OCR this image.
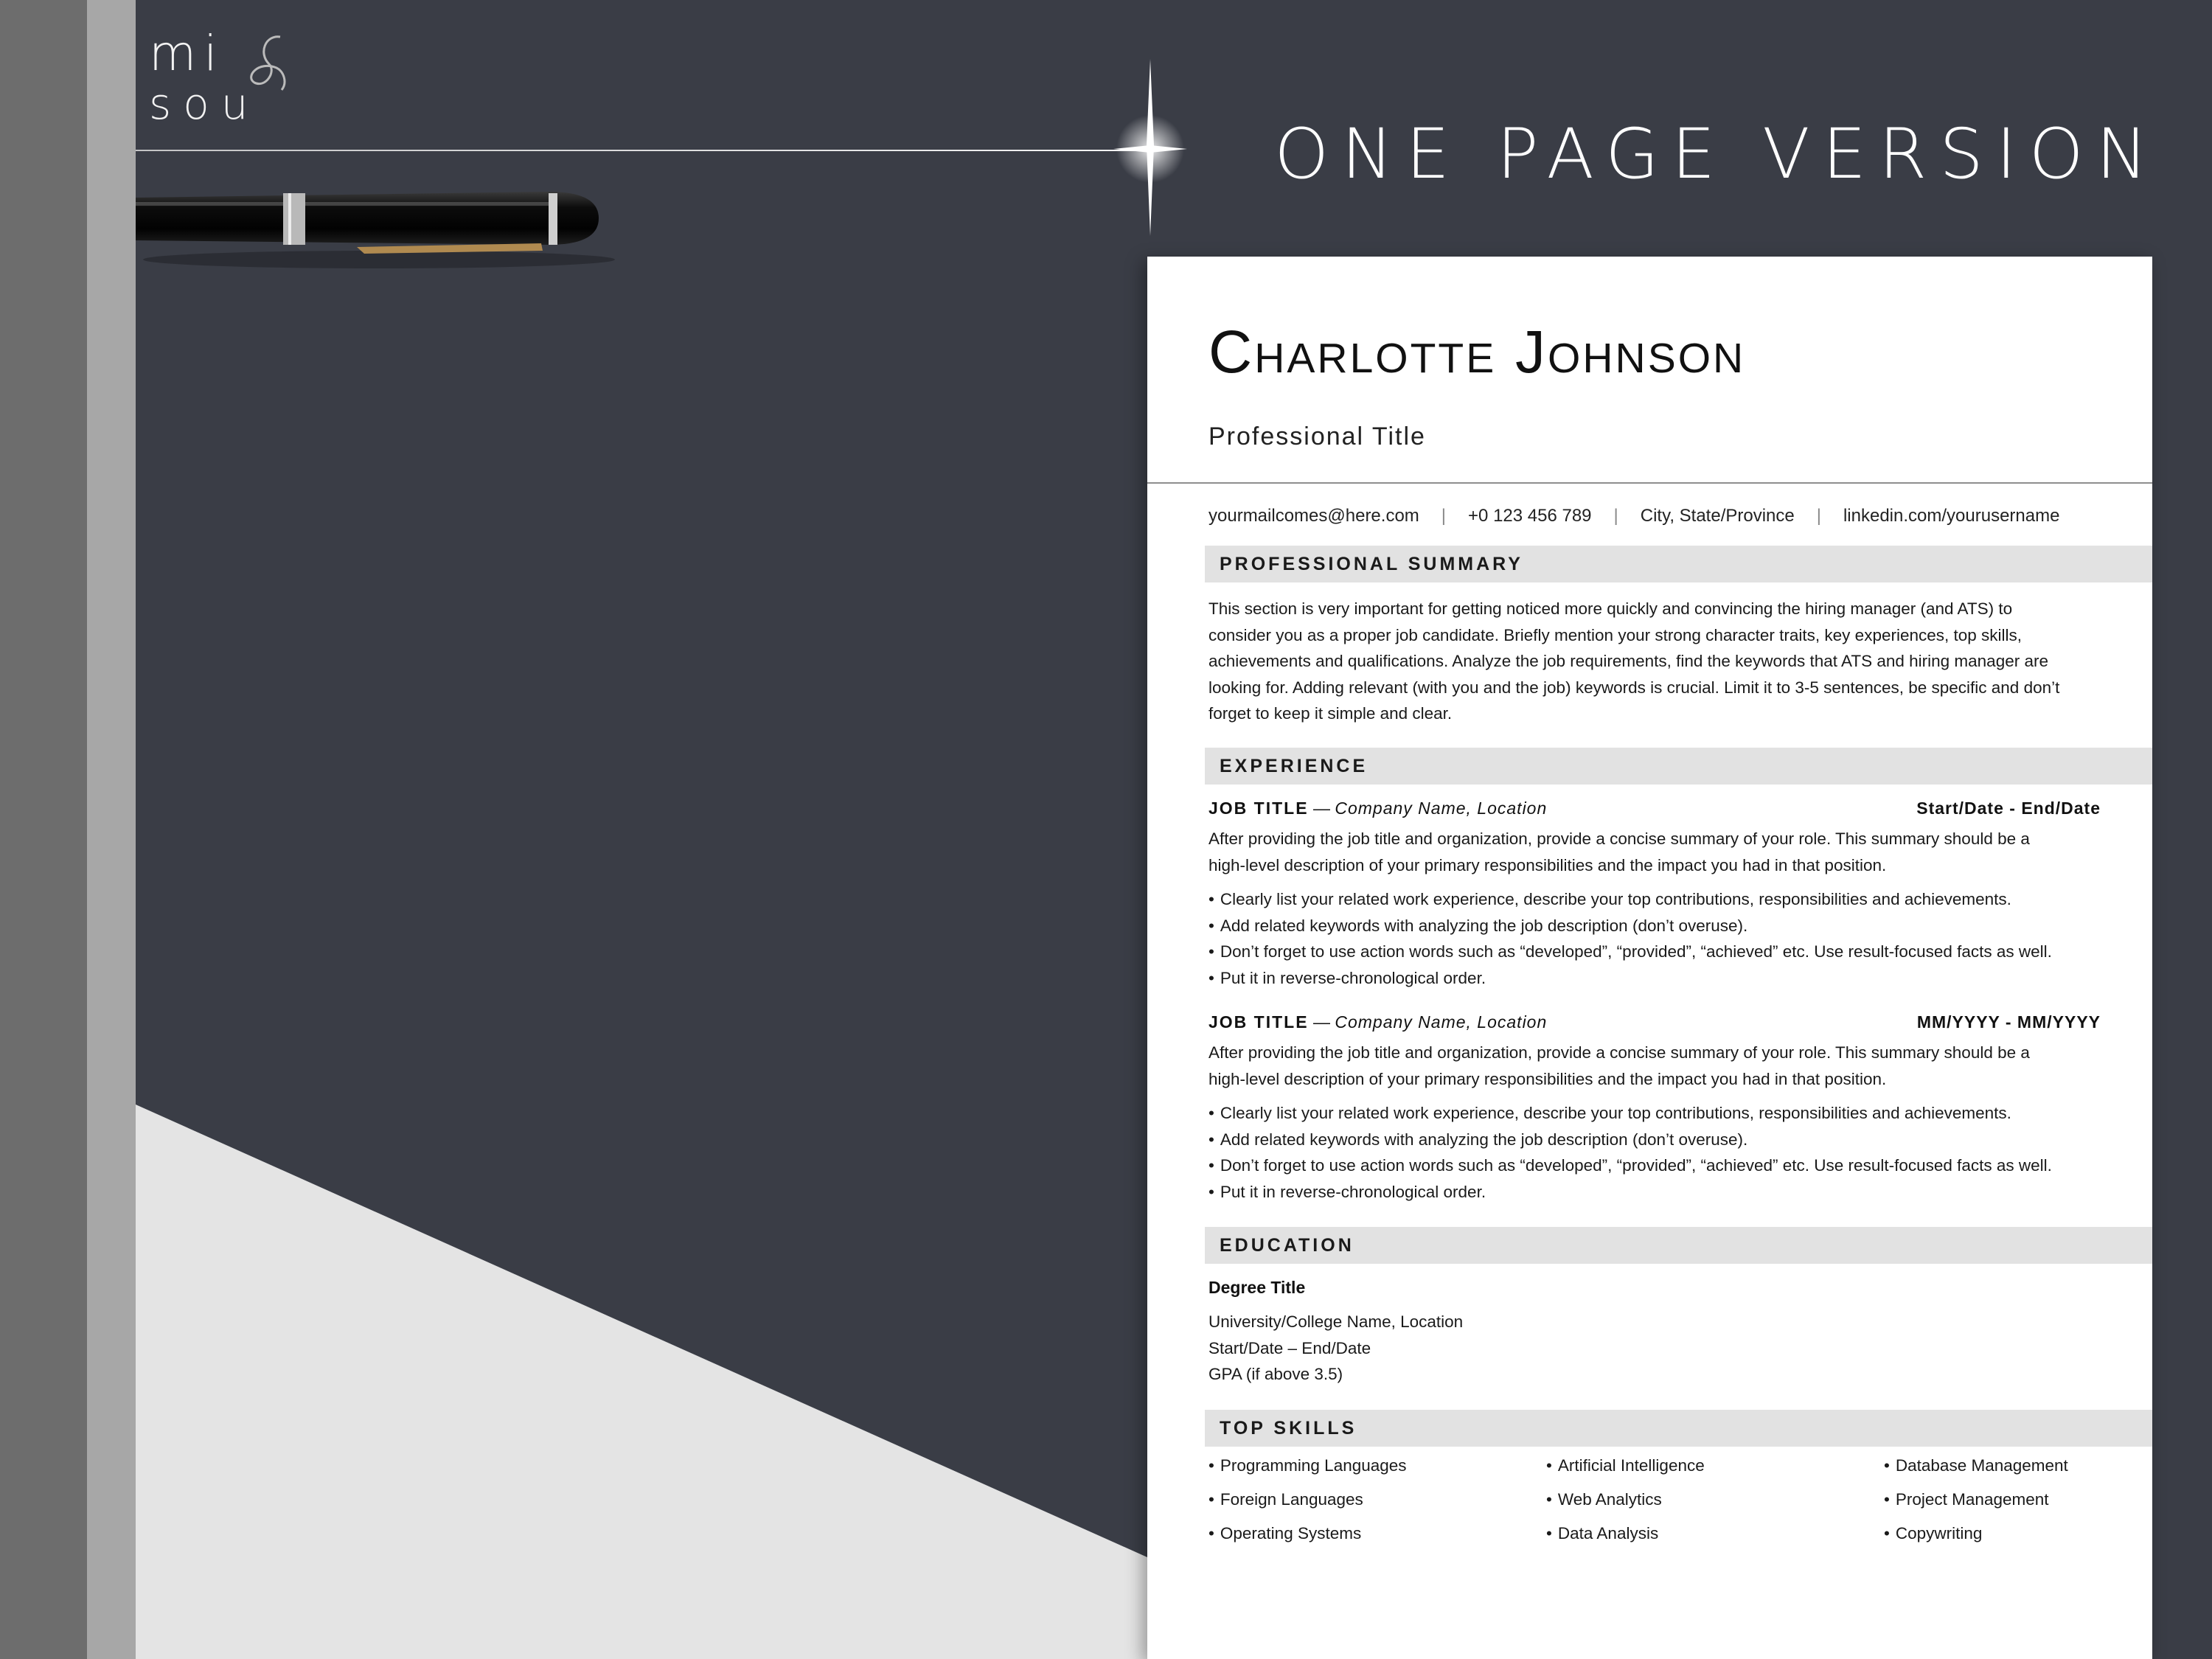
mi
sou
ONE PAGE VERSION
Charlotte Johnson
Professional Title
yourmailcomes@here.com | +0 123 456 789 | City, State/Province | linkedin.com/yourusername
PROFESSIONAL SUMMARY
This section is very important for getting noticed more quickly and convincing the hiring manager (and ATS) to
consider you as a proper job candidate. Briefly mention your strong character traits, key experiences, top skills,
achievements and qualifications. Analyze the job requirements, find the keywords that ATS and hiring manager are
looking for. Adding relevant (with you and the job) keywords is crucial. Limit it to 3-5 sentences, be specific and don’t
forget to keep it simple and clear.
EXPERIENCE
JOB TITLE — Company Name, Location	Start/Date - End/Date
After providing the job title and organization, provide a concise summary of your role. This summary should be a
high-level description of your primary responsibilities and the impact you had in that position.
• Clearly list your related work experience, describe your top contributions, responsibilities and achievements.
• Add related keywords with analyzing the job description (don’t overuse).
• Don’t forget to use action words such as “developed”, “provided”, “achieved” etc. Use result-focused facts as well.
• Put it in reverse-chronological order.
JOB TITLE — Company Name, Location	MM/YYYY - MM/YYYY
After providing the job title and organization, provide a concise summary of your role. This summary should be a
high-level description of your primary responsibilities and the impact you had in that position.
• Clearly list your related work experience, describe your top contributions, responsibilities and achievements.
• Add related keywords with analyzing the job description (don’t overuse).
• Don’t forget to use action words such as “developed”, “provided”, “achieved” etc. Use result-focused facts as well.
• Put it in reverse-chronological order.
EDUCATION
Degree Title
University/College Name, Location
Start/Date – End/Date
GPA (if above 3.5)
TOP SKILLS
• Programming Languages	• Artificial Intelligence	• Database Management
• Foreign Languages	• Web Analytics	• Project Management
• Operating Systems	• Data Analysis	• Copywriting
